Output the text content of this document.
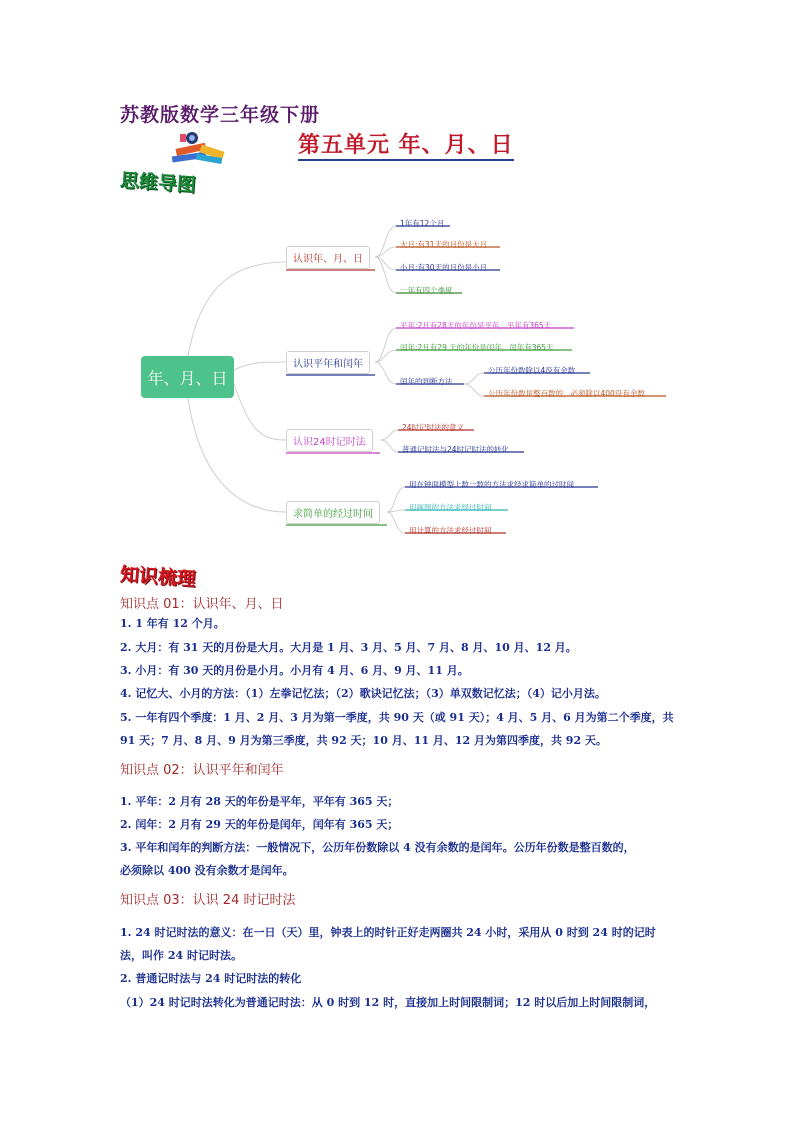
苏教版数学三年级下册
第五单元 年、月、日
思维导图
年、月、日
认识年、月、日
认识平年和闰年
认识24时记时法
求简单的经过时间
1年有12个月
大月:有31天的月份是大月
小月:有30天的月份是小月
一年有四个季度
平年:2月有28天的年份是平年，平年有365天
闰年:2月有29 天的年份是闰年，闰年有365天
闰年的判断方法
公历年份数除以4没有余数
公历年份数是整百数的，必须除以400没有余数
24时记时法的意义
普通记时法与24时记时法的转化
用在钟面模型上数一数的方法求经求简单的过时间
用画图的方法求经过时间
用计算的方法求经过时间
知识梳理
知识点 01：认识年、月、日
1. 1 年有 12 个月。
2. 大月：有 31 天的月份是大月。大月是 1 月、3 月、5 月、7 月、8 月、10 月、12 月。
3. 小月：有 30 天的月份是小月。小月有 4 月、6 月、9 月、11 月。
4. 记忆大、小月的方法：（1）左拳记忆法；（2）歌诀记忆法；（3）单双数记忆法；（4）记小月法。
5. 一年有四个季度：1 月、2 月、3 月为第一季度，共 90 天（或 91 天）；4 月、5 月、6 月为第二个季度，共
91 天；7 月、8 月、9 月为第三季度，共 92 天；10 月、11 月、12 月为第四季度，共 92 天。
知识点 02：认识平年和闰年
1. 平年：2 月有 28 天的年份是平年，平年有 365 天；
2. 闰年：2 月有 29 天的年份是闰年，闰年有 365 天；
3. 平年和闰年的判断方法：一般情况下，公历年份数除以 4 没有余数的是闰年。公历年份数是整百数的，
必须除以 400 没有余数才是闰年。
知识点 03：认识 24 时记时法
1. 24 时记时法的意义：在一日（天）里，钟表上的时针正好走两圈共 24 小时，采用从 0 时到 24 时的记时
法，叫作 24 时记时法。
2. 普通记时法与 24 时记时法的转化
（1）24 时记时法转化为普通记时法：从 0 时到 12 时，直接加上时间限制词；12 时以后加上时间限制词，
